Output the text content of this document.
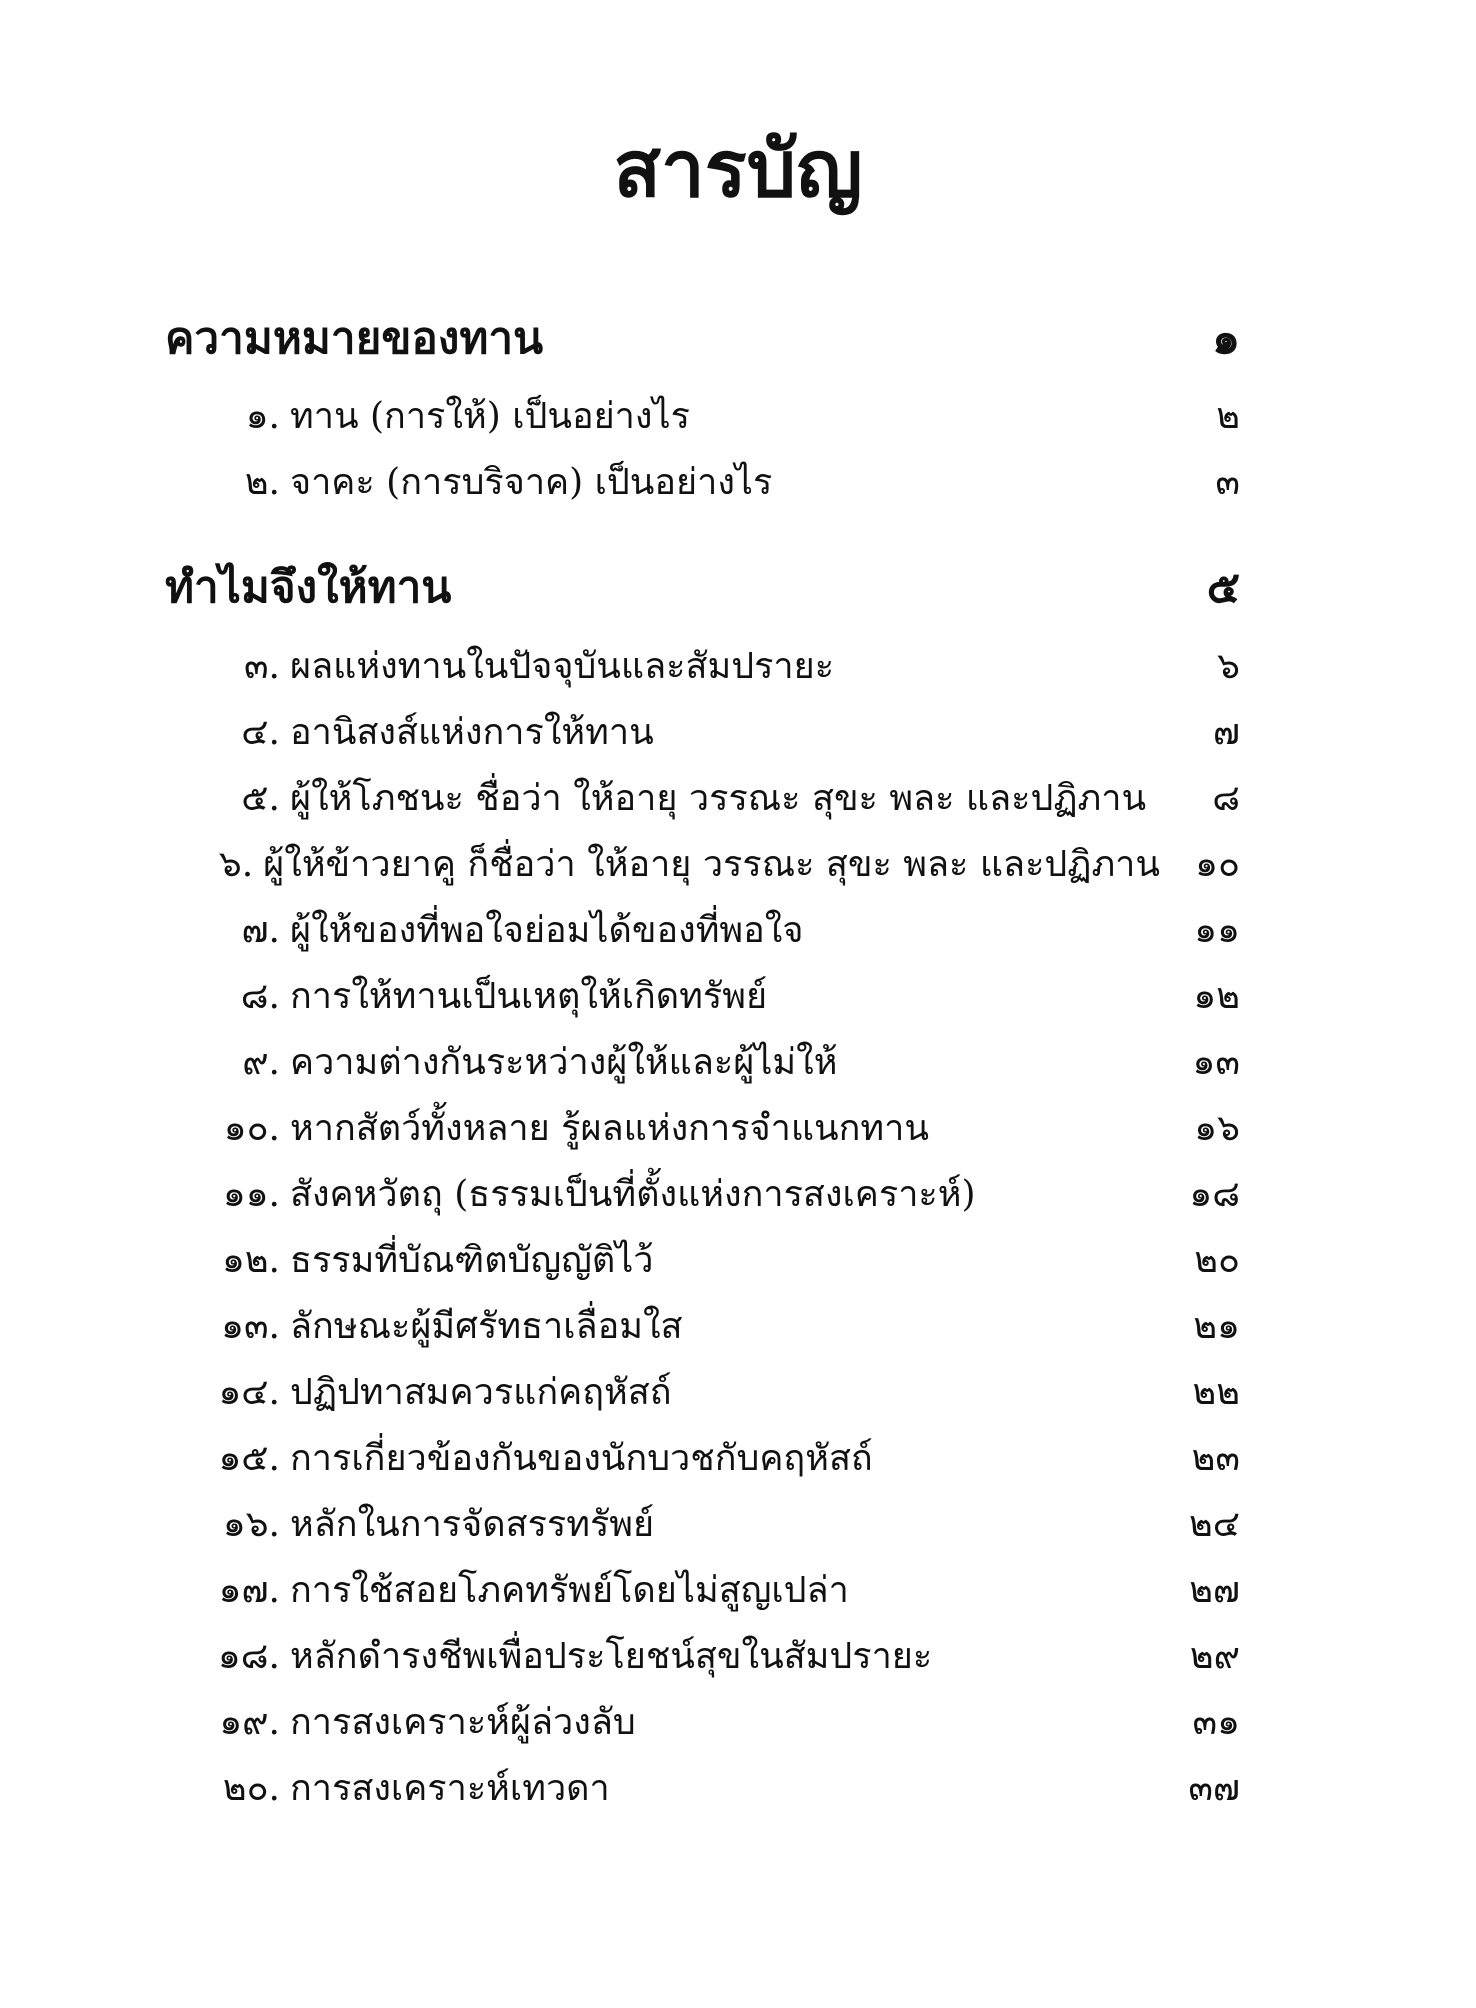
สารบัญ
ความหมายของทาน	๑
๑. ทาน (การให้) เป็นอย่างไร	๒
๒. จาคะ (การบริจาค) เป็นอย่างไร	๓
ทำไมจึงให้ทาน	๕
๓. ผลแห่งทานในปัจจุบันและสัมปรายะ	๖
๔. อานิสงส์แห่งการให้ทาน	๗
๕. ผู้ให้โภชนะ ชื่อว่า ให้อายุ วรรณะ สุขะ พละ และปฏิภาน	๘
๖. ผู้ให้ข้าวยาคู ก็ชื่อว่า ให้อายุ วรรณะ สุขะ พละ และปฏิภาน ๑๐
๗. ผู้ให้ของที่พอใจย่อมได้ของที่พอใจ	๑๑
๘. การให้ทานเป็นเหตุให้เกิดทรัพย์	๑๒
๙. ความต่างกันระหว่างผู้ให้และผู้ไม่ให้	๑๓
๑๐. หากสัตว์ทั้งหลาย รู้ผลแห่งการจำแนกทาน	๑๖
๑๑. สังคหวัตถุ (ธรรมเป็นที่ตั้งแห่งการสงเคราะห์)	๑๘
๑๒. ธรรมที่บัณฑิตบัญญัติไว้	๒๐
๑๓. ลักษณะผู้มีศรัทธาเลื่อมใส	๒๑
๑๔. ปฏิปทาสมควรแก่คฤหัสถ์	๒๒
๑๕. การเกี่ยวข้องกันของนักบวชกับคฤหัสถ์	๒๓
๑๖. หลักในการจัดสรรทรัพย์	๒๔
๑๗. การใช้สอยโภคทรัพย์โดยไม่สูญเปล่า	๒๗
๑๘. หลักดำรงชีพเพื่อประโยชน์สุขในสัมปรายะ	๒๙
๑๙. การสงเคราะห์ผู้ล่วงลับ	๓๑
๒๐. การสงเคราะห์เทวดา	๓๗
